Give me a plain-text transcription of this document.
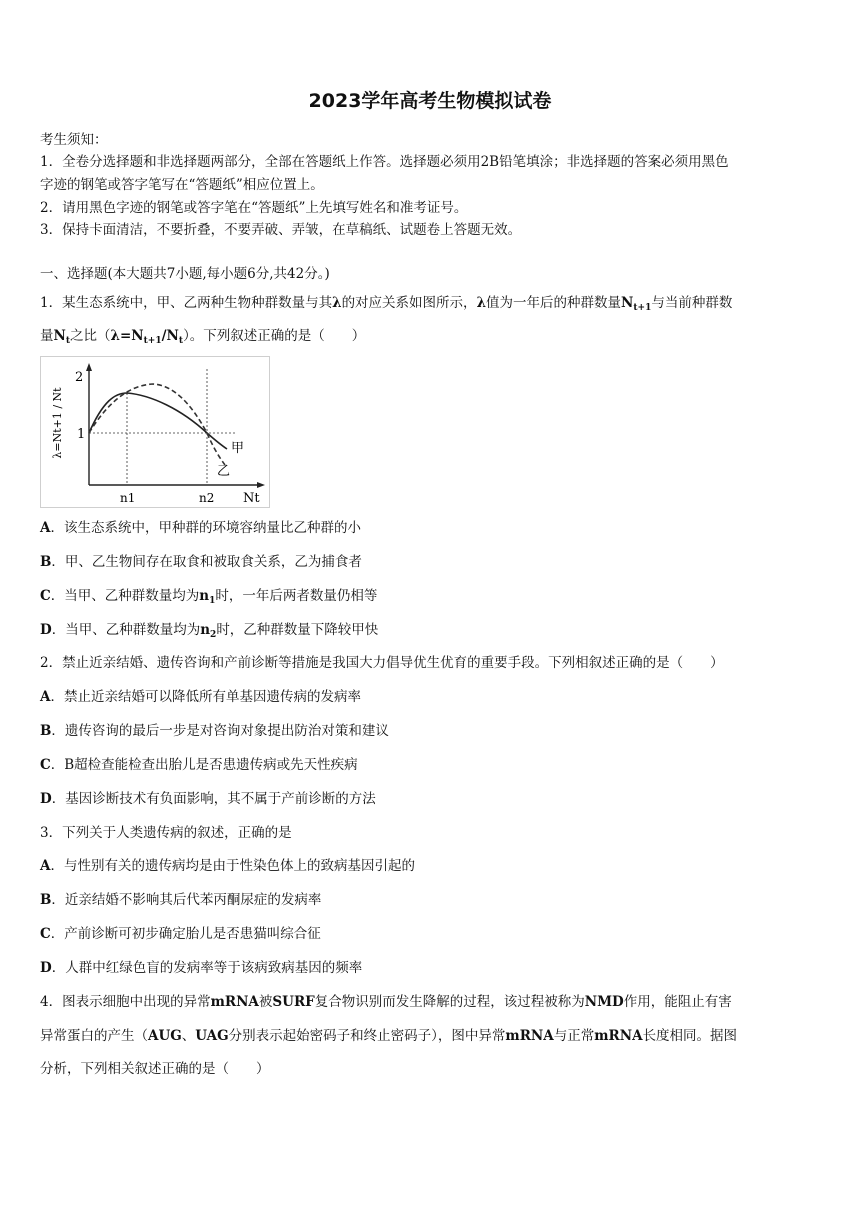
2023学年高考生物模拟试卷
考生须知：
1．全卷分选择题和非选择题两部分，全部在答题纸上作答。选择题必须用2B铅笔填涂；非选择题的答案必须用黑色
字迹的钢笔或答字笔写在“答题纸”相应位置上。
2．请用黑色字迹的钢笔或答字笔在“答题纸”上先填写姓名和准考证号。
3．保持卡面清洁，不要折叠，不要弄破、弄皱，在草稿纸、试题卷上答题无效。
一、选择题(本大题共7小题,每小题6分,共42分。)
1．某生态系统中，甲、乙两种生物种群数量与其λ的对应关系如图所示，λ值为一年后的种群数量$N_{t+1}$与当前种群数
量$N_t$之比$(\lambda=N_{t+1}/N_t)$。下列叙述正确的是（　　）
2
1
n1	n2 Nt
甲
乙
λ=Nt+1 / Nt
A．该生态系统中，甲种群的环境容纳量比乙种群的小
B．甲、乙生物间存在取食和被取食关系，乙为捕食者
C．当甲、乙种群数量均为$n_1$时，一年后两者数量仍相等
D．当甲、乙种群数量均为$n_2$时，乙种群数量下降较甲快
2．禁止近亲结婚、遗传咨询和产前诊断等措施是我国大力倡导优生优育的重要手段。下列相叙述正确的是（　　）
A．禁止近亲结婚可以降低所有单基因遗传病的发病率
B．遗传咨询的最后一步是对咨询对象提出防治对策和建议
C．B超检查能检查出胎儿是否患遗传病或先天性疾病
D．基因诊断技术有负面影响，其不属于产前诊断的方法
3．下列关于人类遗传病的叙述，正确的是
A．与性别有关的遗传病均是由于性染色体上的致病基因引起的
B．近亲结婚不影响其后代苯丙酮尿症的发病率
C．产前诊断可初步确定胎儿是否患猫叫综合征
D．人群中红绿色盲的发病率等于该病致病基因的频率
4．图表示细胞中出现的异常mRNA被SURF复合物识别而发生降解的过程，该过程被称为NMD作用，能阻止有害
异常蛋白的产生（AUG、UAG分别表示起始密码子和终止密码子），图中异常mRNA与正常mRNA长度相同。据图
分析，下列相关叙述正确的是（　　）
